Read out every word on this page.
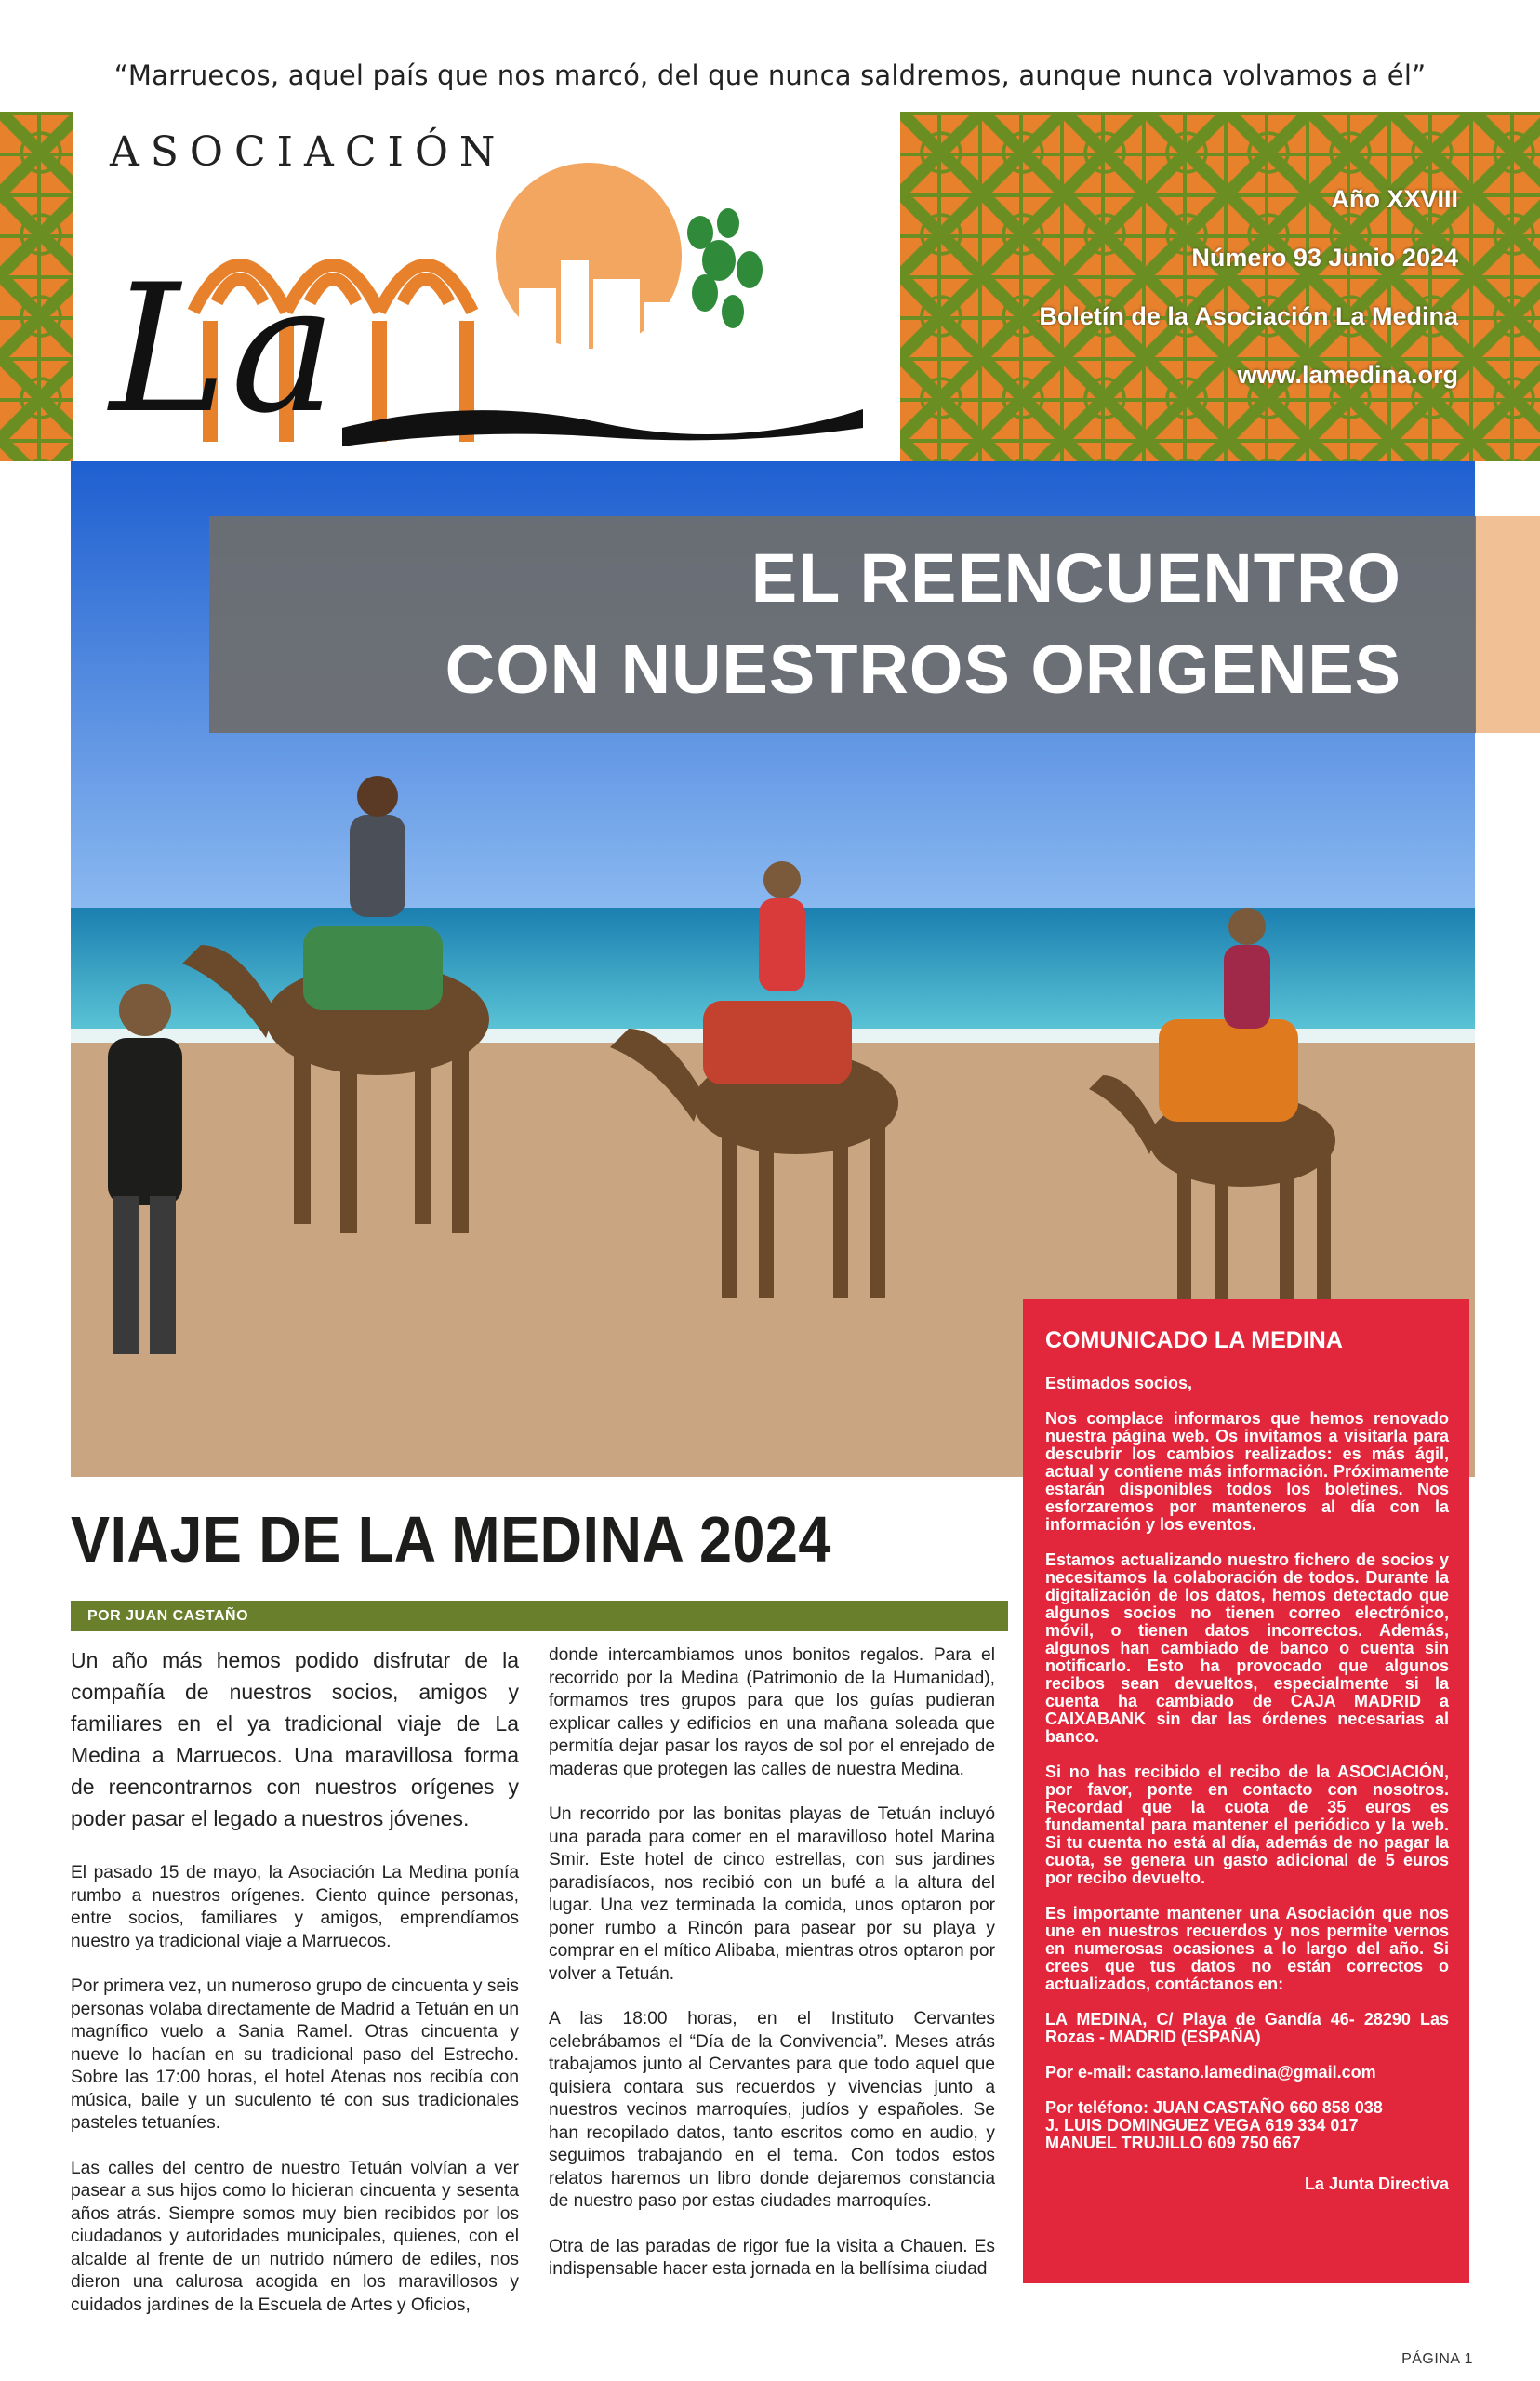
“Marruecos, aquel país que nos marcó, del que nunca saldremos, aunque nunca volvamos a él”
ASOCIACIÓN
La
Año XXVIII
Número 93 Junio 2024
Boletín de la Asociación La Medina
www.lamedina.org
EL REENCUENTRO
CON NUESTROS ORIGENES
COMUNICADO LA MEDINA
Estimados socios,
Nos complace informaros que hemos renovado nuestra página web. Os invitamos a visitarla para descubrir los cambios realizados: es más ágil, actual y contiene más información. Próximamente estarán disponibles todos los boletines. Nos esforzaremos por manteneros al día con la información y los eventos.
Estamos actualizando nuestro fichero de socios y necesitamos la colaboración de todos. Durante la digitalización de los datos, hemos detectado que algunos socios no tienen correo electrónico, móvil, o tienen datos incorrectos. Además, algunos han cambiado de banco o cuenta sin notificarlo. Esto ha provocado que algunos recibos sean devueltos, especialmente si la cuenta ha cambiado de CAJA MADRID a CAIXABANK sin dar las órdenes necesarias al banco.
Si no has recibido el recibo de la ASOCIACIÓN, por favor, ponte en contacto con nosotros. Recordad que la cuota de 35 euros es fundamental para mantener el periódico y la web. Si tu cuenta no está al día, además de no pagar la cuota, se genera un gasto adicional de 5 euros por recibo devuelto.
Es importante mantener una Asociación que nos une en nuestros recuerdos y nos permite vernos en numerosas ocasiones a lo largo del año. Si crees que tus datos no están correctos o actualizados, contáctanos en:
LA MEDINA, C/ Playa de Gandía 46- 28290 Las Rozas - MADRID (ESPAÑA)
Por e-mail: castano.lamedina@gmail.com
Por teléfono: JUAN CASTAÑO 660 858 038
J. LUIS DOMINGUEZ VEGA 619 334 017
MANUEL TRUJILLO 609 750 667
La Junta Directiva
VIAJE DE LA MEDINA 2024
POR JUAN CASTAÑO
Un año más hemos podido disfrutar de la compañía de nuestros socios, amigos y familiares en el ya tradicional viaje de La Medina a Marruecos. Una maravillosa forma de reencontrarnos con nuestros orígenes y poder pasar el legado a nuestros jóvenes.
El pasado 15 de mayo, la Asociación La Medina ponía rumbo a nuestros orígenes. Ciento quince personas, entre socios, familiares y amigos, emprendíamos nuestro ya tradicional viaje a Marruecos.
Por primera vez, un numeroso grupo de cincuenta y seis personas volaba directamente de Madrid a Tetuán en un magnífico vuelo a Sania Ramel. Otras cincuenta y nueve lo hacían en su tradicional paso del Estrecho. Sobre las 17:00 horas, el hotel Atenas nos recibía con música, baile y un suculento té con sus tradicionales pasteles tetuaníes.
Las calles del centro de nuestro Tetuán volvían a ver pasear a sus hijos como lo hicieran cincuenta y sesenta años atrás. Siempre somos muy bien recibidos por los ciudadanos y autoridades municipales, quienes, con el alcalde al frente de un nutrido número de ediles, nos dieron una calurosa acogida en los maravillosos y cuidados jardines de la Escuela de Artes y Oficios,
donde intercambiamos unos bonitos regalos. Para el recorrido por la Medina (Patrimonio de la Humanidad), formamos tres grupos para que los guías pudieran explicar calles y edificios en una mañana soleada que permitía dejar pasar los rayos de sol por el enrejado de maderas que protegen las calles de nuestra Medina.
Un recorrido por las bonitas playas de Tetuán incluyó una parada para comer en el maravilloso hotel Marina Smir. Este hotel de cinco estrellas, con sus jardines paradisíacos, nos recibió con un bufé a la altura del lugar. Una vez terminada la comida, unos optaron por poner rumbo a Rincón para pasear por su playa y comprar en el mítico Alibaba, mientras otros optaron por volver a Tetuán.
A las 18:00 horas, en el Instituto Cervantes celebrábamos el “Día de la Convivencia”. Meses atrás trabajamos junto al Cervantes para que todo aquel que quisiera contara sus recuerdos y vivencias junto a nuestros vecinos marroquíes, judíos y españoles. Se han recopilado datos, tanto escritos como en audio, y seguimos trabajando en el tema. Con todos estos relatos haremos un libro donde dejaremos constancia de nuestro paso por estas ciudades marroquíes.
Otra de las paradas de rigor fue la visita a Chauen. Es indispensable hacer esta jornada en la bellísima ciudad
PÁGINA 1
